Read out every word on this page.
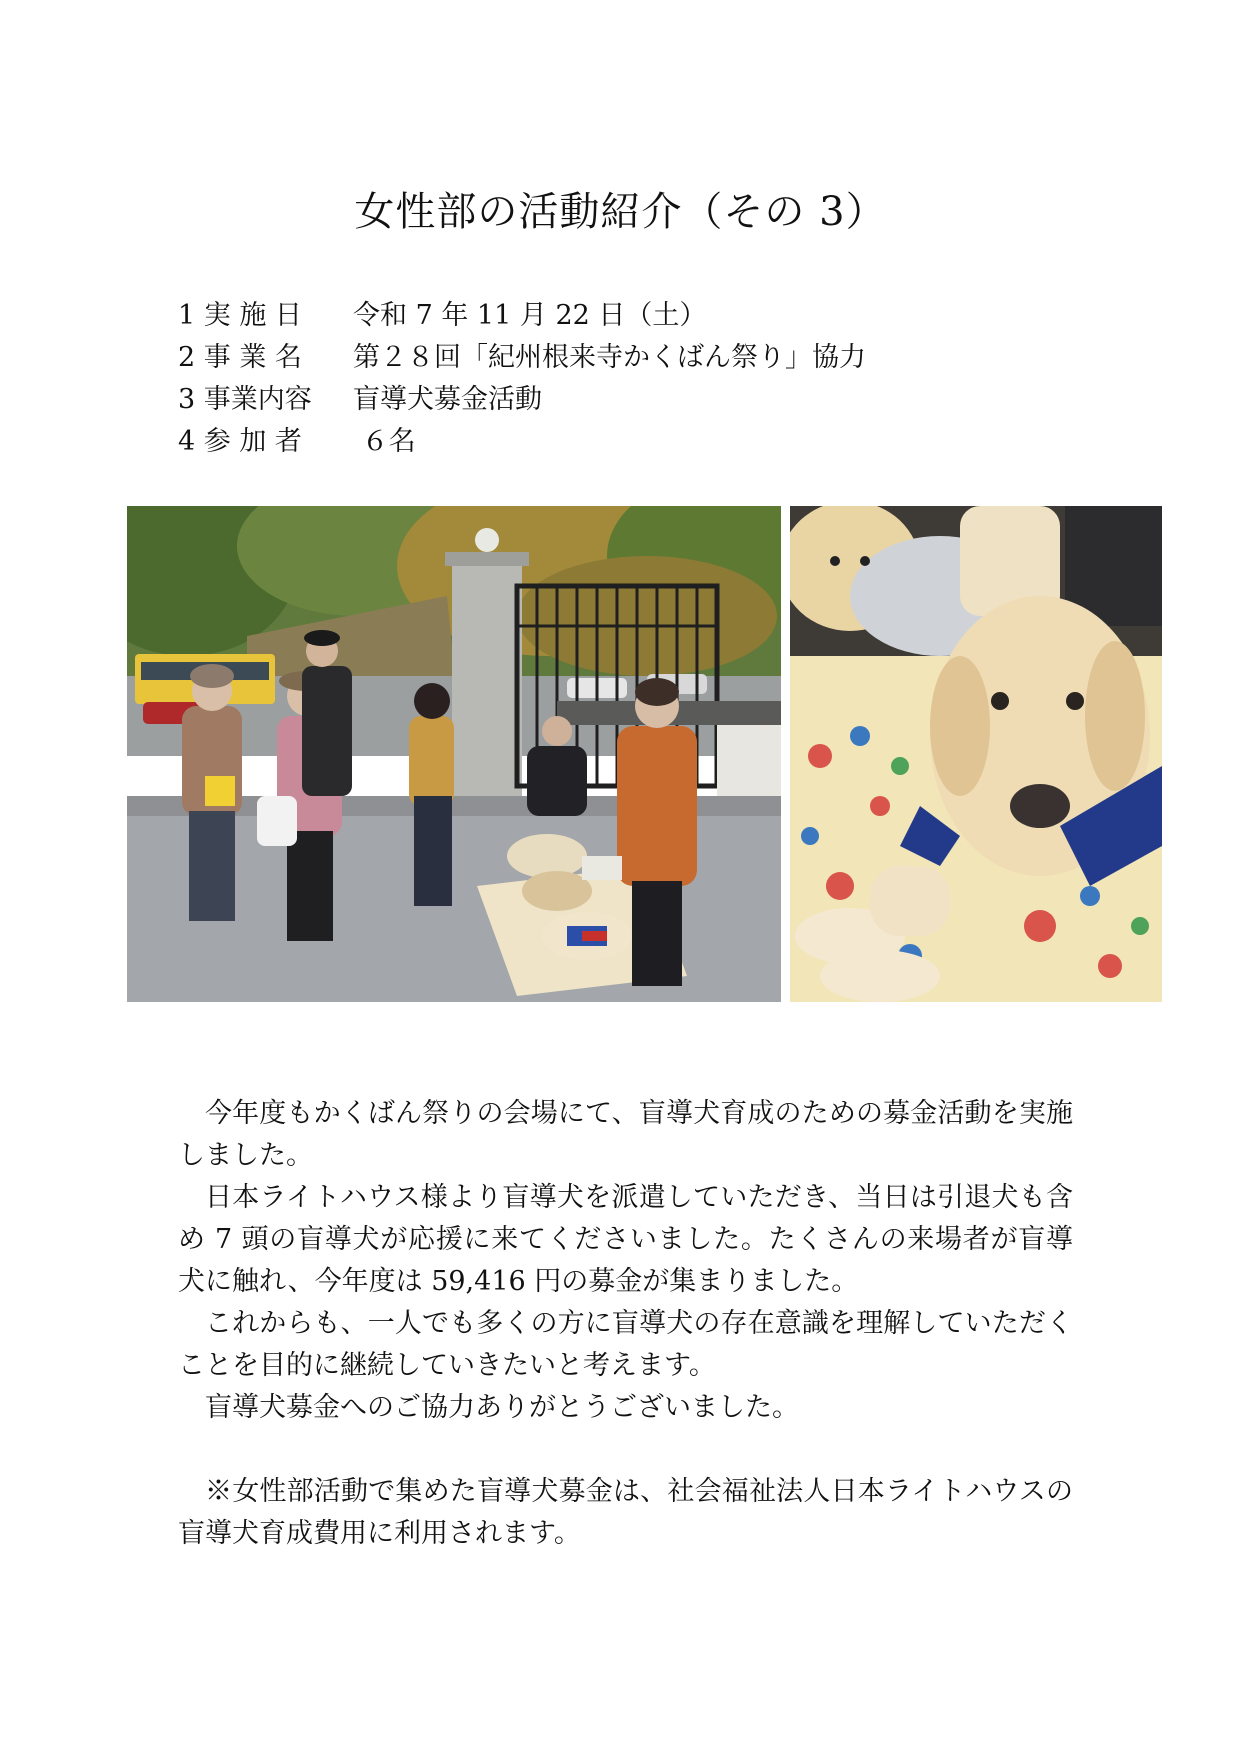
女性部の活動紹介（その 3）
1 実 施 日	令和 7 年 11 月 22 日（土）
2 事 業 名	第２８回「紀州根来寺かくばん祭り」協力
3 事業内容	盲導犬募金活動
4 参 加 者	６名

今年度もかくばん祭りの会場にて、盲導犬育成のための募金活動を実施しました。

日本ライトハウス様より盲導犬を派遣していただき、当日は引退犬も含め 7 頭の盲導犬が応援に来てくださいました。たくさんの来場者が盲導犬に触れ、今年度は 59,416 円の募金が集まりました。

これからも、一人でも多くの方に盲導犬の存在意識を理解していただくことを目的に継続していきたいと考えます。

盲導犬募金へのご協力ありがとうございました。

※女性部活動で集めた盲導犬募金は、社会福祉法人日本ライトハウスの盲導犬育成費用に利用されます。
